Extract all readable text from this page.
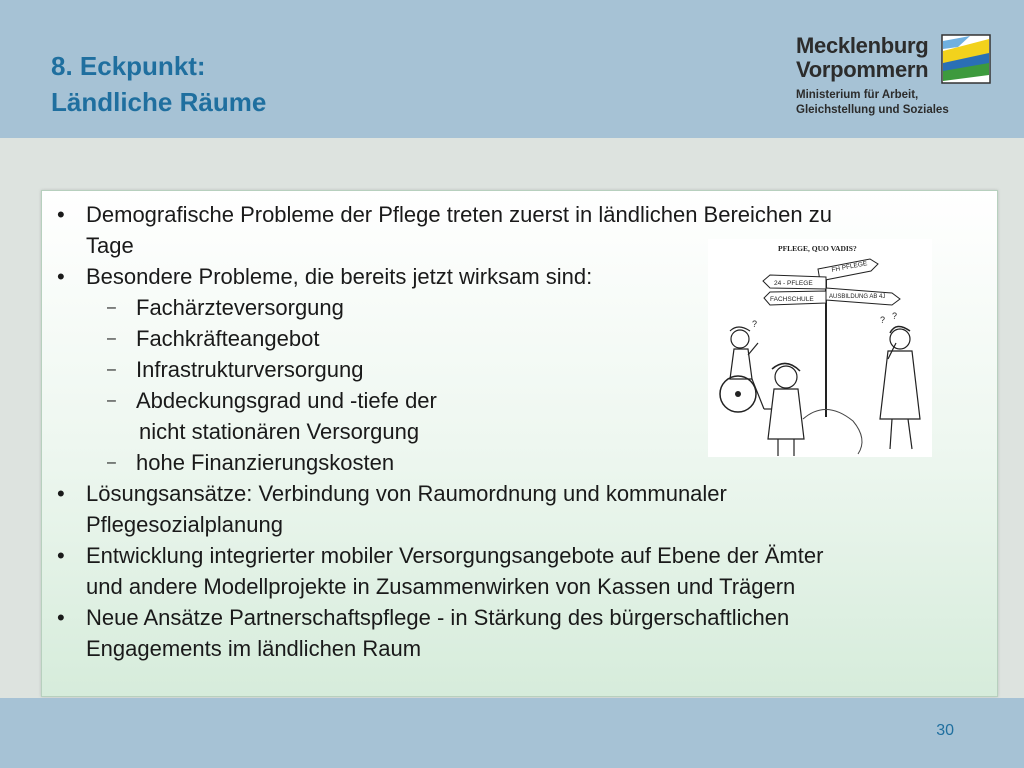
8. Eckpunkt:
Ländliche Räume
Mecklenburg
Vorpommern
Ministerium für Arbeit,
Gleichstellung und Soziales
• Demografische Probleme der Pflege treten zuerst in ländlichen Bereichen zu
Tage
• Besondere Probleme, die bereits jetzt wirksam sind:
– Fachärzteversorgung
– Fachkräfteangebot
– Infrastrukturversorgung
– Abdeckungsgrad und -tiefe der
nicht stationären Versorgung
– hohe Finanzierungskosten
• Lösungsansätze: Verbindung von Raumordnung und kommunaler
Pflegesozialplanung
• Entwicklung integrierter mobiler Versorgungsangebote auf Ebene der Ämter
und andere Modellprojekte in Zusammenwirken von Kassen und Trägern
• Neue Ansätze Partnerschaftspflege - in Stärkung des bürgerschaftlichen
Engagements im ländlichen Raum
PFLEGE, QUO VADIS?
FH PFLEGE
24 - PFLEGE
FACHSCHULE	AUSBILDUNG AB 4J
?	? ?
30
